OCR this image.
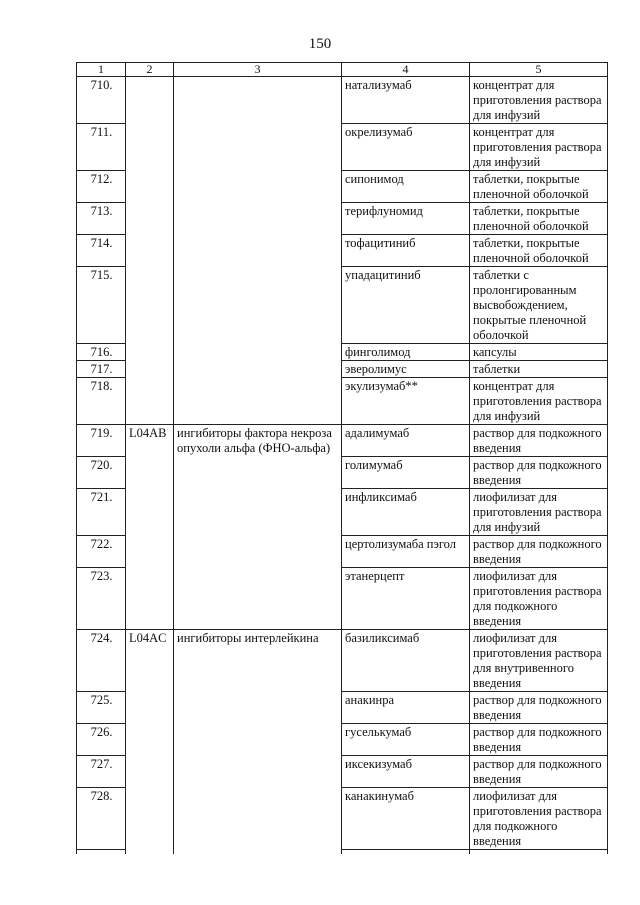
150
1	2	3	4	5
710.			натализумаб	концентрат для приготовления раствора для инфузий
711.			окрелизумаб	концентрат для приготовления раствора для инфузий
712.			сипонимод	таблетки, покрытые пленочной оболочкой
713.			терифлуномид	таблетки, покрытые пленочной оболочкой
714.			тофацитиниб	таблетки, покрытые пленочной оболочкой
715.			упадацитиниб	таблетки с пролонгированным высвобождением, покрытые пленочной оболочкой
716.			финголимод	капсулы
717.			эверолимус	таблетки
718.			экулизумаб**	концентрат для приготовления раствора для инфузий
719.	L04AB	ингибиторы фактора некроза опухоли альфа (ФНО-альфа)	адалимумаб	раствор для подкожного введения
720.			голимумаб	раствор для подкожного введения
721.			инфликсимаб	лиофилизат для приготовления раствора для инфузий
722.			цертолизумаба пэгол	раствор для подкожного введения
723.			этанерцепт	лиофилизат для приготовления раствора для подкожного введения
724.	L04AC	ингибиторы интерлейкина	базиликсимаб	лиофилизат для приготовления раствора для внутривенного введения
725.			анакинра	раствор для подкожного введения
726.			гуселькумаб	раствор для подкожного введения
727.			иксекизумаб	раствор для подкожного введения
728.			канакинумаб	лиофилизат для приготовления раствора для подкожного введения
